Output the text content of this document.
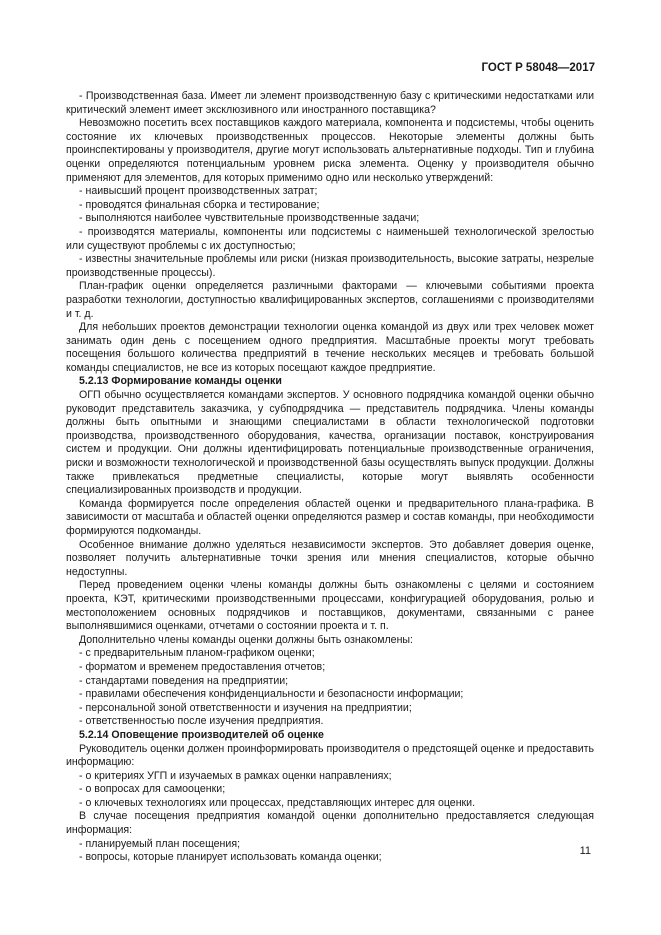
ГОСТ Р 58048—2017

- Производственная база. Имеет ли элемент производственную базу с критическими недостатками или критический элемент имеет эксклюзивного или иностранного поставщика?

Невозможно посетить всех поставщиков каждого материала, компонента и подсистемы, чтобы оценить состояние их ключевых производственных процессов. Некоторые элементы должны быть проинспектированы у производителя, другие могут использовать альтернативные подходы. Тип и глубина оценки определяются потенциальным уровнем риска элемента. Оценку у производителя обычно применяют для элементов, для которых применимо одно или несколько утверждений:

- наивысший процент производственных затрат;

- проводятся финальная сборка и тестирование;

- выполняются наиболее чувствительные производственные задачи;

- производятся материалы, компоненты или подсистемы с наименьшей технологической зрелостью или существуют проблемы с их доступностью;

- известны значительные проблемы или риски (низкая производительность, высокие затраты, незрелые производственные процессы).

План-график оценки определяется различными факторами — ключевыми событиями проекта разработки технологии, доступностью квалифицированных экспертов, соглашениями с производителями и т. д.

Для небольших проектов демонстрации технологии оценка командой из двух или трех человек может занимать один день с посещением одного предприятия. Масштабные проекты могут требовать посещения большого количества предприятий в течение нескольких месяцев и требовать большой команды специалистов, не все из которых посещают каждое предприятие.

5.2.13 Формирование команды оценки

ОГП обычно осуществляется командами экспертов. У основного подрядчика командой оценки обычно руководит представитель заказчика, у субподрядчика — представитель подрядчика. Члены команды должны быть опытными и знающими специалистами в области технологической подготовки производства, производственного оборудования, качества, организации поставок, конструирования систем и продукции. Они должны идентифицировать потенциальные производственные ограничения, риски и возможности технологической и производственной базы осуществлять выпуск продукции. Должны также привлекаться предметные специалисты, которые могут выявлять особенности специализированных производств и продукции.

Команда формируется после определения областей оценки и предварительного плана-графика. В зависимости от масштаба и областей оценки определяются размер и состав команды, при необходимости формируются подкоманды.

Особенное внимание должно уделяться независимости экспертов. Это добавляет доверия оценке, позволяет получить альтернативные точки зрения или мнения специалистов, которые обычно недоступны.

Перед проведением оценки члены команды должны быть ознакомлены с целями и состоянием проекта, КЭТ, критическими производственными процессами, конфигурацией оборудования, ролью и местоположением основных подрядчиков и поставщиков, документами, связанными с ранее выполнявшимися оценками, отчетами о состоянии проекта и т. п.

Дополнительно члены команды оценки должны быть ознакомлены:

- с предварительным планом-графиком оценки;

- форматом и временем предоставления отчетов;

- стандартами поведения на предприятии;

- правилами обеспечения конфиденциальности и безопасности информации;

- персональной зоной ответственности и изучения на предприятии;

- ответственностью после изучения предприятия.

5.2.14 Оповещение производителей об оценке

Руководитель оценки должен проинформировать производителя о предстоящей оценке и предоставить информацию:

- о критериях УГП и изучаемых в рамках оценки направлениях;

- о вопросах для самооценки;

- о ключевых технологиях или процессах, представляющих интерес для оценки.

В случае посещения предприятия командой оценки дополнительно предоставляется следующая информация:

- планируемый план посещения;

- вопросы, которые планирует использовать команда оценки;

11
